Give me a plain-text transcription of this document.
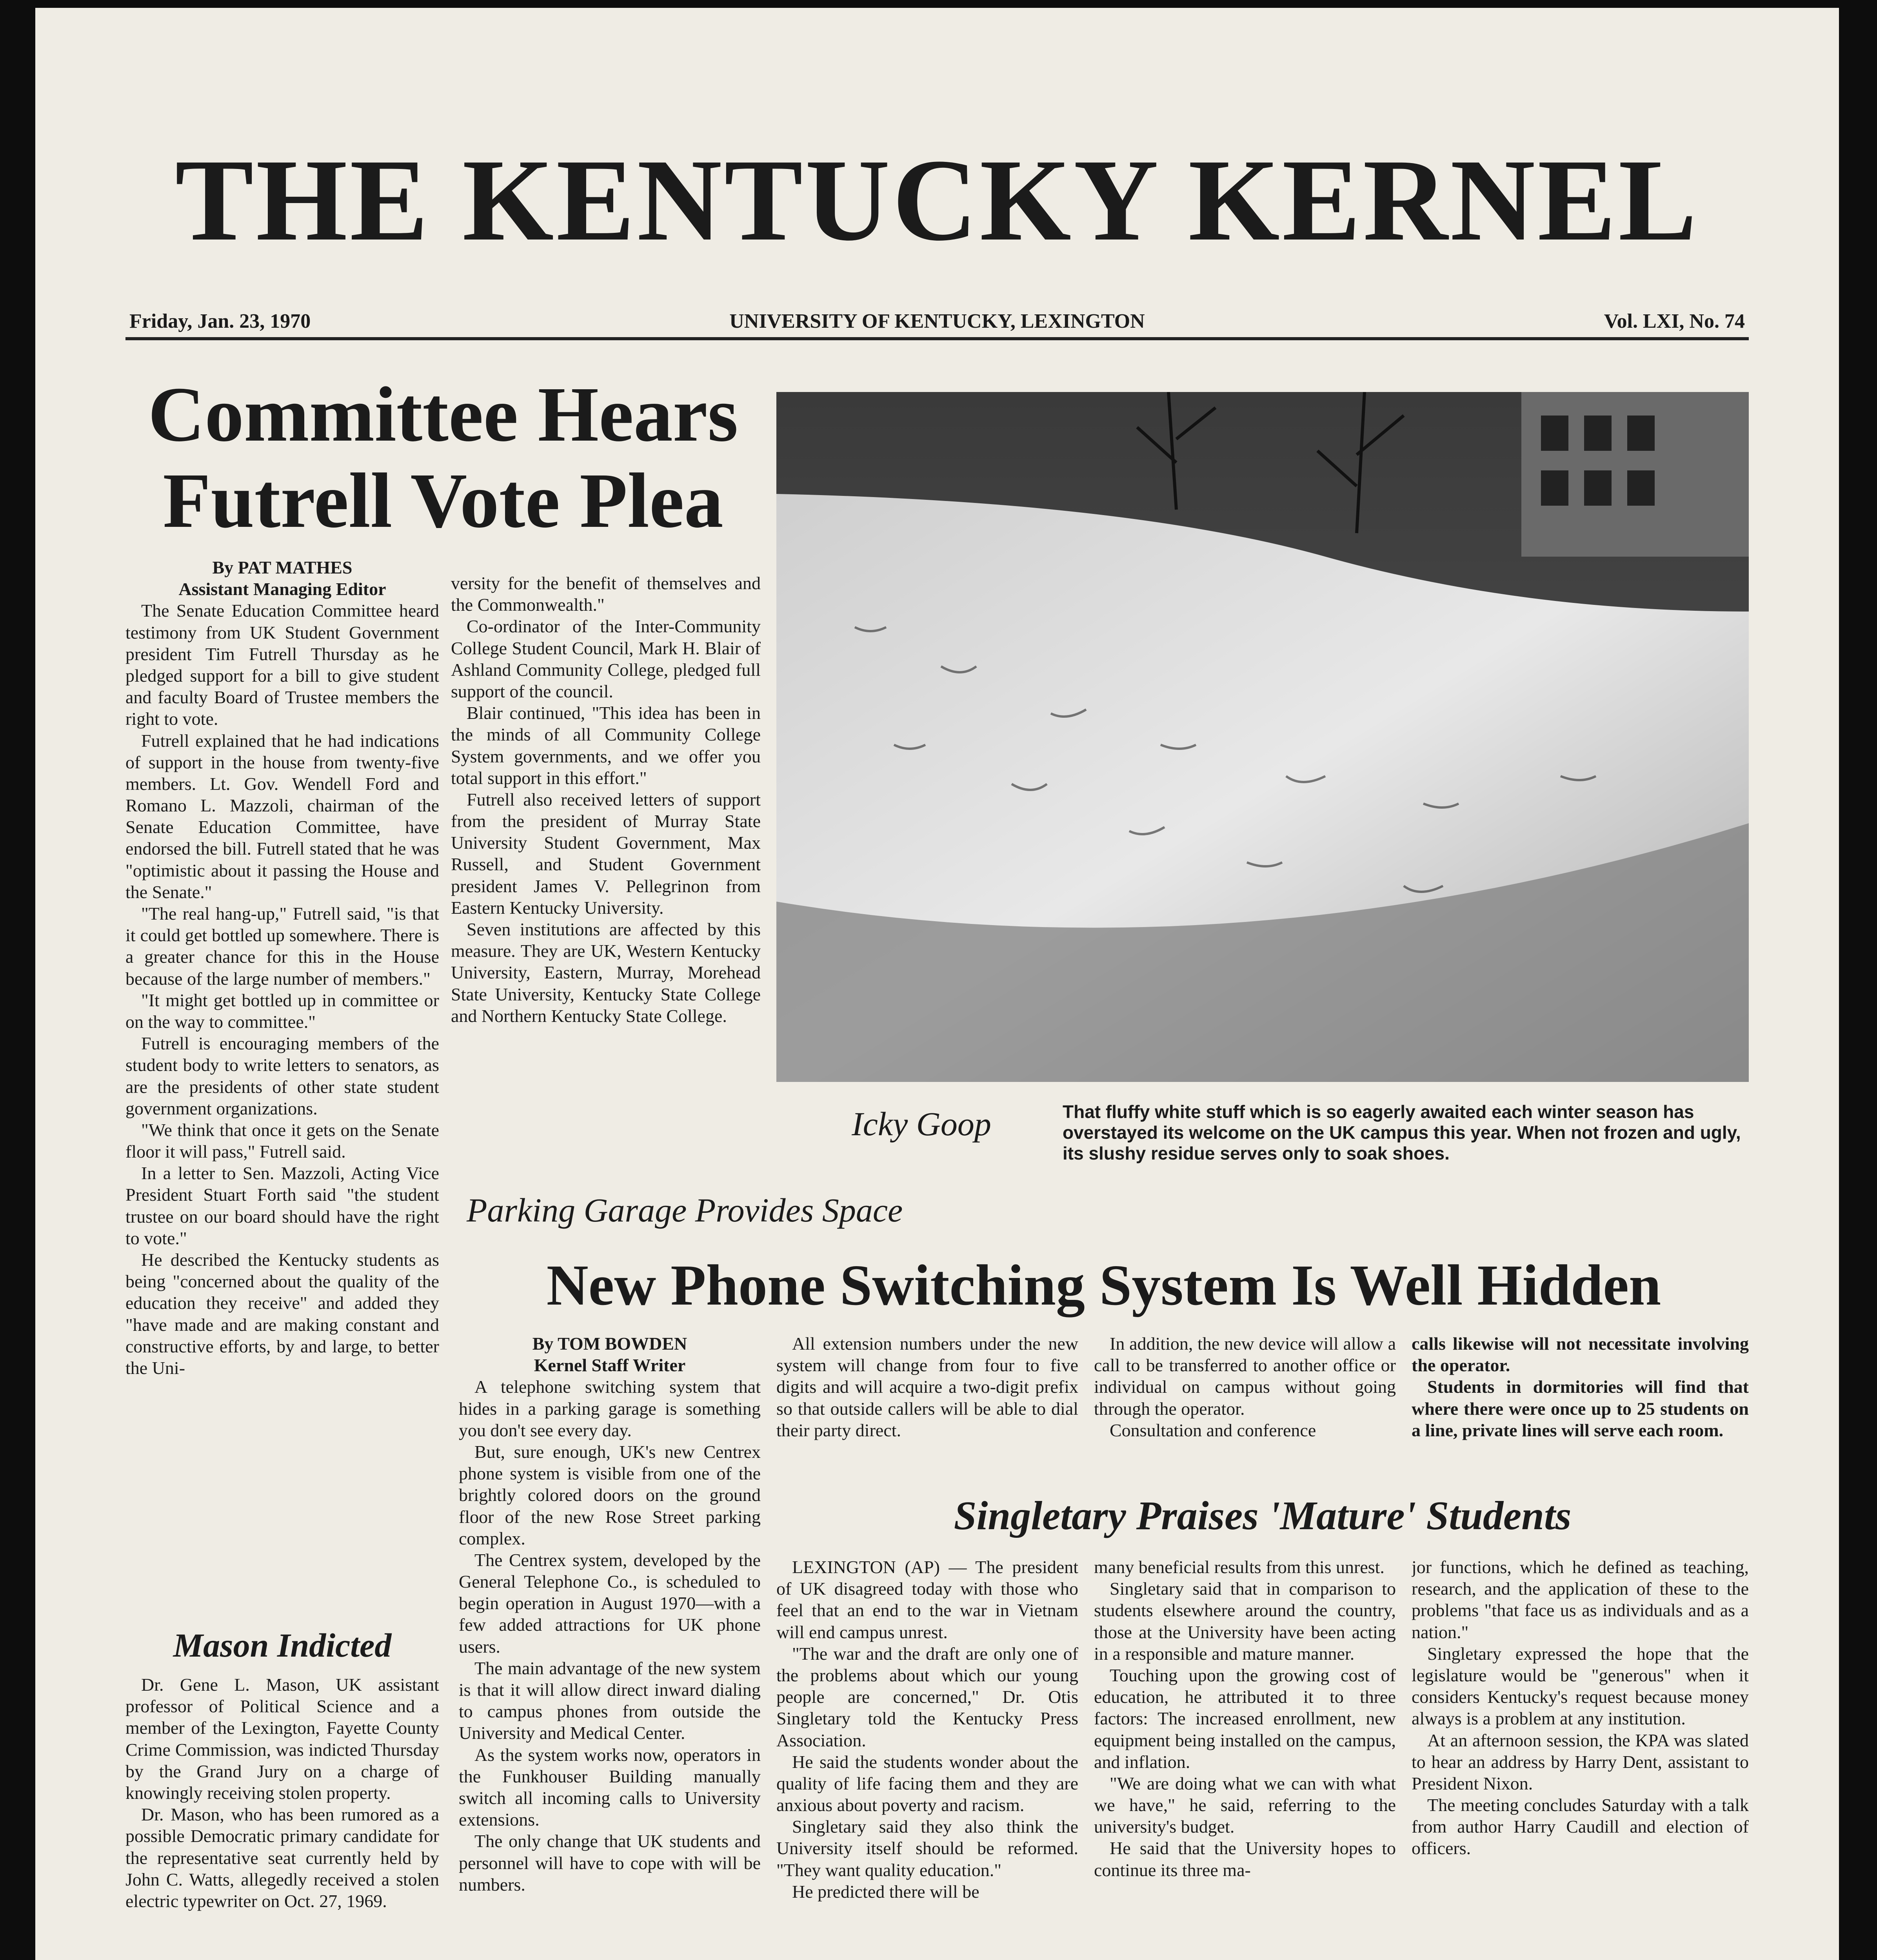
THE KENTUCKY KERNEL
Friday, Jan. 23, 1970	UNIVERSITY OF KENTUCKY, LEXINGTON	Vol. LXI, No. 74
Committee Hears
Futrell Vote Plea
By PAT MATHES
Assistant Managing Editor

The Senate Education Committee heard testimony from UK Student Government president Tim Futrell Thursday as he pledged support for a bill to give student and faculty Board of Trustee members the right to vote.

Futrell explained that he had indications of support in the house from twenty-five members. Lt. Gov. Wendell Ford and Romano L. Mazzoli, chairman of the Senate Education Committee, have endorsed the bill. Futrell stated that he was "optimistic about it passing the House and the Senate."

"The real hang-up," Futrell said, "is that it could get bottled up somewhere. There is a greater chance for this in the House because of the large number of members."

"It might get bottled up in committee or on the way to committee."

Futrell is encouraging members of the student body to write letters to senators, as are the presidents of other state student government organizations.

"We think that once it gets on the Senate floor it will pass," Futrell said.

In a letter to Sen. Mazzoli, Acting Vice President Stuart Forth said "the student trustee on our board should have the right to vote."

He described the Kentucky students as being "concerned about the quality of the education they receive" and added they "have made and are making constant and constructive efforts, by and large, to better the Uni-

versity for the benefit of themselves and the Commonwealth."

Co-ordinator of the Inter-Community College Student Council, Mark H. Blair of Ashland Community College, pledged full support of the council.

Blair continued, "This idea has been in the minds of all Community College System governments, and we offer you total support in this effort."

Futrell also received letters of support from the president of Murray State University Student Government, Max Russell, and Student Government president James V. Pellegrinon from Eastern Kentucky University.

Seven institutions are affected by this measure. They are UK, Western Kentucky University, Eastern, Murray, Morehead State University, Kentucky State College and Northern Kentucky State College.

Mason Indicted

Dr. Gene L. Mason, UK assistant professor of Political Science and a member of the Lexington, Fayette County Crime Commission, was indicted Thursday by the Grand Jury on a charge of knowingly receiving stolen property.

Dr. Mason, who has been rumored as a possible Democratic primary candidate for the representative seat currently held by John C. Watts, allegedly received a stolen electric typewriter on Oct. 27, 1969.

Icky Goop	That fluffy white stuff which is so eagerly awaited each winter season has overstayed its welcome on the UK campus this year. When not frozen and ugly, its slushy residue serves only to soak shoes.
Parking Garage Provides Space
New Phone Switching System Is Well Hidden
By TOM BOWDEN
Kernel Staff Writer

A telephone switching system that hides in a parking garage is something you don't see every day.

But, sure enough, UK's new Centrex phone system is visible from one of the brightly colored doors on the ground floor of the new Rose Street parking complex.

The Centrex system, developed by the General Telephone Co., is scheduled to begin operation in August 1970—with a few added attractions for UK phone users.

The main advantage of the new system is that it will allow direct inward dialing to campus phones from outside the University and Medical Center.

As the system works now, operators in the Funkhouser Building manually switch all incoming calls to University extensions.

The only change that UK students and personnel will have to cope with will be numbers.

All extension numbers under the new system will change from four to five digits and will acquire a two-digit prefix so that outside callers will be able to dial their party direct.

In addition, the new device will allow a call to be transferred to another office or individual on campus without going through the operator.

Consultation and conference

calls likewise will not necessitate involving the operator.

Students in dormitories will find that where there were once up to 25 students on a line, private lines will serve each room.

Singletary Praises 'Mature' Students

LEXINGTON (AP) — The president of UK disagreed today with those who feel that an end to the war in Vietnam will end campus unrest.

"The war and the draft are only one of the problems about which our young people are concerned," Dr. Otis Singletary told the Kentucky Press Association.

He said the students wonder about the quality of life facing them and they are anxious about poverty and racism.

Singletary said they also think the University itself should be reformed. "They want quality education."

He predicted there will be

many beneficial results from this unrest.

Singletary said that in comparison to students elsewhere around the country, those at the University have been acting in a responsible and mature manner.

Touching upon the growing cost of education, he attributed it to three factors: The increased enrollment, new equipment being installed on the campus, and inflation.

"We are doing what we can with what we have," he said, referring to the university's budget.

He said that the University hopes to continue its three ma-

jor functions, which he defined as teaching, research, and the application of these to the problems "that face us as individuals and as a nation."

Singletary expressed the hope that the legislature would be "generous" when it considers Kentucky's request because money always is a problem at any institution.

At an afternoon session, the KPA was slated to hear an address by Harry Dent, assistant to President Nixon.

The meeting concludes Saturday with a talk from author Harry Caudill and election of officers.
